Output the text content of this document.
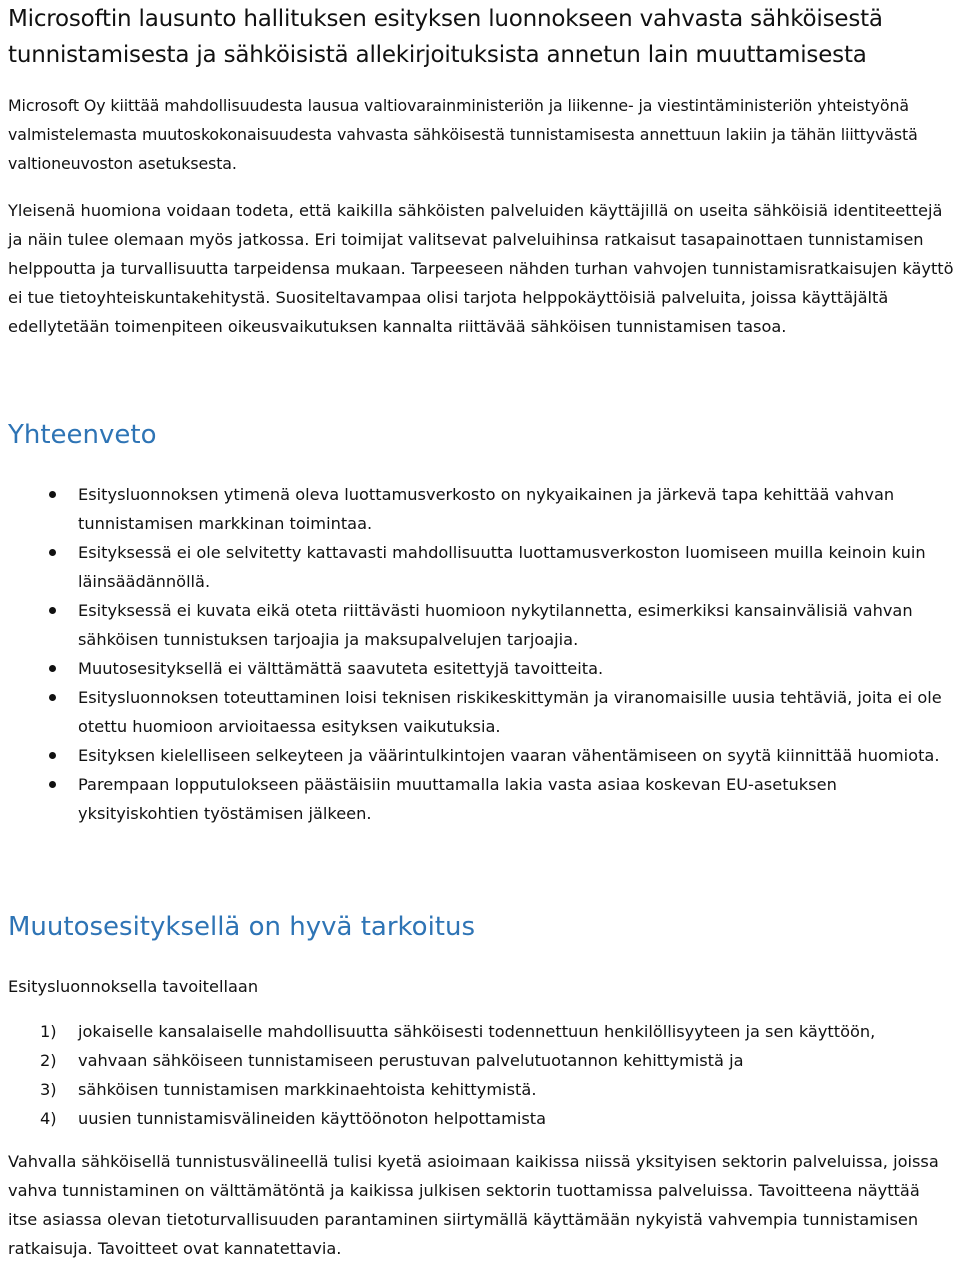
Microsoftin lausunto hallituksen esityksen luonnokseen vahvasta sähköisestä tunnistamisesta ja sähköisistä allekirjoituksista annetun lain muuttamisesta

Microsoft Oy kiittää mahdollisuudesta lausua valtiovarainministeriön ja liikenne- ja viestintäministeriön yhteistyönä valmistelemasta muutoskokonaisuudesta vahvasta sähköisestä tunnistamisesta annettuun lakiin ja tähän liittyvästä valtioneuvoston asetuksesta.

Yleisenä huomiona voidaan todeta, että kaikilla sähköisten palveluiden käyttäjillä on useita sähköisiä identiteettejä ja näin tulee olemaan myös jatkossa. Eri toimijat valitsevat palveluihinsa ratkaisut tasapainottaen tunnistamisen helppoutta ja turvallisuutta tarpeidensa mukaan. Tarpeeseen nähden turhan vahvojen tunnistamisratkaisujen käyttö ei tue tietoyhteiskuntakehitystä. Suositeltavampaa olisi tarjota helppokäyttöisiä palveluita, joissa käyttäjältä edellytetään toimenpiteen oikeusvaikutuksen kannalta riittävää sähköisen tunnistamisen tasoa.

Yhteenveto
Esitysluonnoksen ytimenä oleva luottamusverkosto on nykyaikainen ja järkevä tapa kehittää vahvan tunnistamisen markkinan toimintaa.
Esityksessä ei ole selvitetty kattavasti mahdollisuutta luottamusverkoston luomiseen muilla keinoin kuin läinsäädännöllä.
Esityksessä ei kuvata eikä oteta riittävästi huomioon nykytilannetta, esimerkiksi kansainvälisiä vahvan sähköisen tunnistuksen tarjoajia ja maksupalvelujen tarjoajia.
Muutosesityksellä ei välttämättä saavuteta esitettyjä tavoitteita.
Esitysluonnoksen toteuttaminen loisi teknisen riskikeskittymän ja viranomaisille uusia tehtäviä, joita ei ole otettu huomioon arvioitaessa esityksen vaikutuksia.
Esityksen kielelliseen selkeyteen ja väärintulkintojen vaaran vähentämiseen on syytä kiinnittää huomiota.
Parempaan lopputulokseen päästäisiin muuttamalla lakia vasta asiaa koskevan EU-asetuksen yksityiskohtien työstämisen jälkeen.
Muutosesityksellä on hyvä tarkoitus

Esitysluonnoksella tavoitellaan

1) jokaiselle kansalaiselle mahdollisuutta sähköisesti todennettuun henkilöllisyyteen ja sen käyttöön,
2) vahvaan sähköiseen tunnistamiseen perustuvan palvelutuotannon kehittymistä ja
3) sähköisen tunnistamisen markkinaehtoista kehittymistä.
4) uusien tunnistamisvälineiden käyttöönoton helpottamista

Vahvalla sähköisellä tunnistusvälineellä tulisi kyetä asioimaan kaikissa niissä yksityisen sektorin palveluissa, joissa vahva tunnistaminen on välttämätöntä ja kaikissa julkisen sektorin tuottamissa palveluissa. Tavoitteena näyttää itse asiassa olevan tietoturvallisuuden parantaminen siirtymällä käyttämään nykyistä vahvempia tunnistamisen ratkaisuja. Tavoitteet ovat kannatettavia.
